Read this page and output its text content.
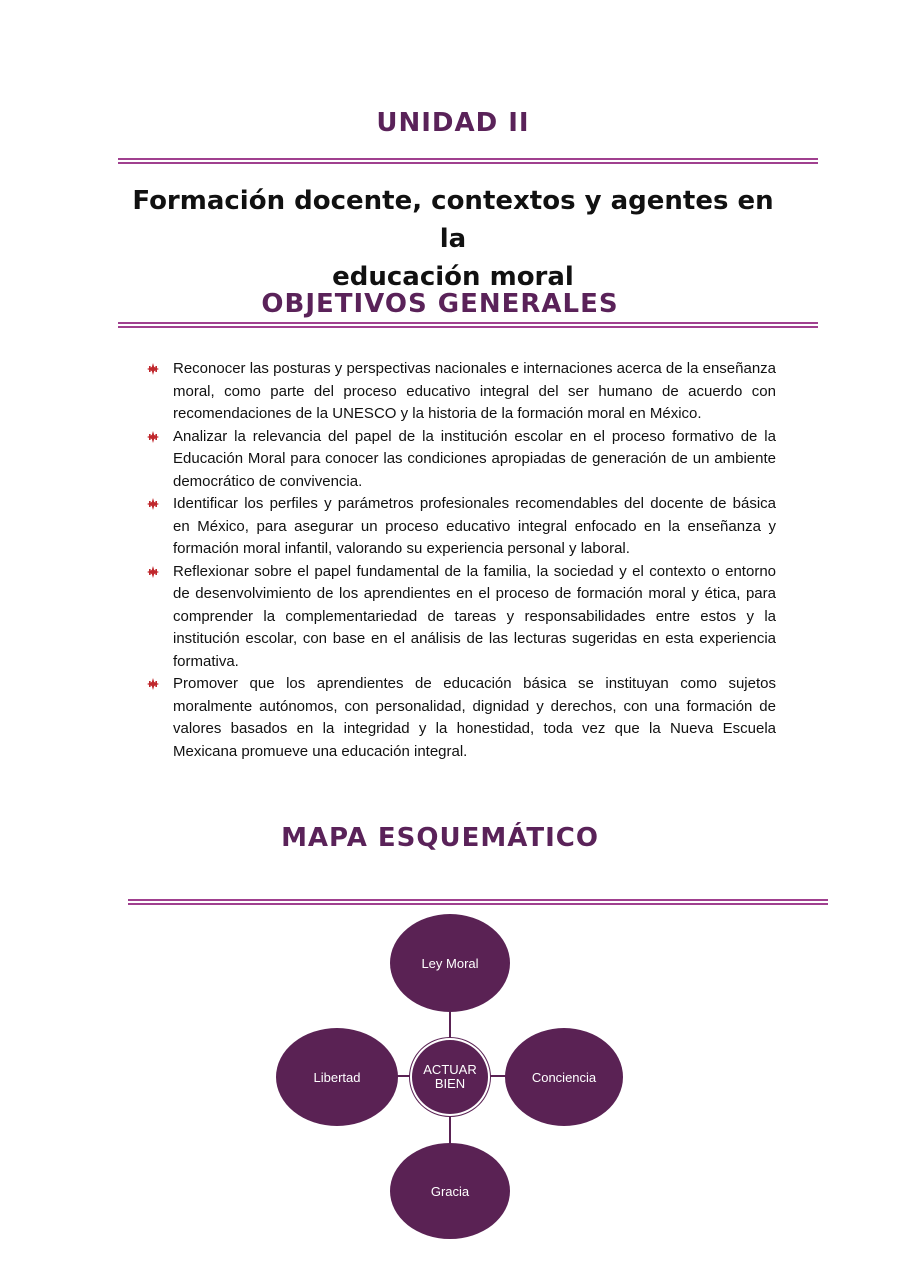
UNIDAD II
Formación docente, contextos y agentes en la
educación moral
OBJETIVOS GENERALES
Reconocer las posturas y perspectivas nacionales e internaciones acerca de la enseñanza moral, como parte del proceso educativo integral del ser humano de acuerdo con recomendaciones de la UNESCO y la historia de la formación moral en México.
Analizar la relevancia del papel de la institución escolar en el proceso formativo de la Educación Moral para conocer las condiciones apropiadas de generación de un ambiente democrático de convivencia.
Identificar los perfiles y parámetros profesionales recomendables del docente de básica en México, para asegurar un proceso educativo integral enfocado en la enseñanza y formación moral infantil, valorando su experiencia personal y laboral.
Reflexionar sobre el papel fundamental de la familia, la sociedad y el contexto o entorno de desenvolvimiento de los aprendientes en el proceso de formación moral y ética, para comprender la complementariedad de tareas y responsabilidades entre estos y la institución escolar, con base en el análisis de las lecturas sugeridas en esta experiencia formativa.
Promover que los aprendientes de educación básica se instituyan como sujetos moralmente autónomos, con personalidad, dignidad y derechos, con una formación de valores basados en la integridad y la honestidad, toda vez que la Nueva Escuela Mexicana promueve una educación integral.
MAPA ESQUEMÁTICO
Ley Moral
Libertad	ACTUAR BIEN	Conciencia
Gracia
